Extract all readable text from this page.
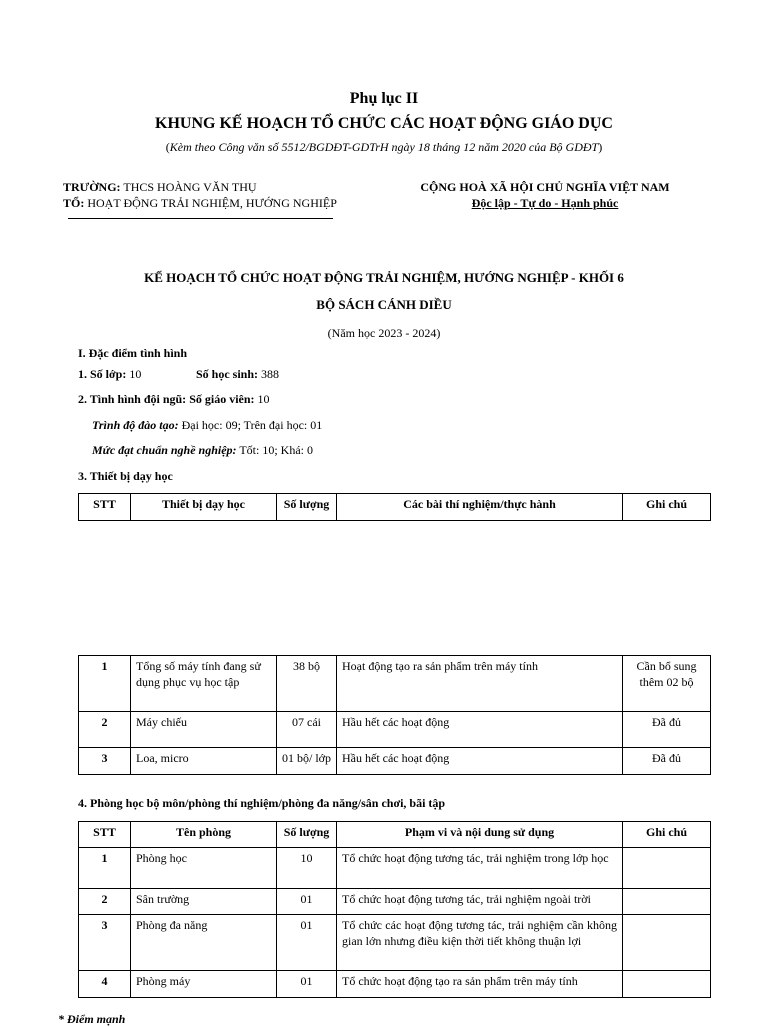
Phụ lục II
KHUNG KẾ HOẠCH TỔ CHỨC CÁC HOẠT ĐỘNG GIÁO DỤC
(Kèm theo Công văn số 5512/BGDĐT-GDTrH ngày 18 tháng 12 năm 2020 của Bộ GDĐT)
TRƯỜNG: THCS HOÀNG VĂN THỤ
TỔ: HOẠT ĐỘNG TRẢI NGHIỆM, HƯỚNG NGHIỆP
CỘNG HOÀ XÃ HỘI CHỦ NGHĨA VIỆT NAM
Độc lập - Tự do - Hạnh phúc
KẾ HOẠCH TỔ CHỨC HOẠT ĐỘNG TRẢI NGHIỆM, HƯỚNG NGHIỆP - KHỐI 6
BỘ SÁCH CÁNH DIỀU
(Năm học 2023 - 2024)
I. Đặc điểm tình hình
1. Số lớp: 10	Số học sinh: 388
2. Tình hình đội ngũ: Số giáo viên: 10
Trình độ đào tạo: Đại học: 09; Trên đại học: 01
Mức đạt chuẩn nghề nghiệp: Tốt: 10; Khá: 0
3. Thiết bị dạy học
STT	Thiết bị dạy học	Số lượng	Các bài thí nghiệm/thực hành	Ghi chú
1	Tổng số máy tính đang sử dụng phục vụ học tập	38 bộ	Hoạt động tạo ra sản phẩm trên máy tính	Cần bổ sung thêm 02 bộ
2	Máy chiếu	07 cái	Hầu hết các hoạt động	Đã đủ
3	Loa, micro	01 bộ/ lớp	Hầu hết các hoạt động	Đã đủ
4. Phòng học bộ môn/phòng thí nghiệm/phòng đa năng/sân chơi, bãi tập
STT	Tên phòng	Số lượng	Phạm vi và nội dung sử dụng	Ghi chú
1	Phòng học	10	Tổ chức hoạt động tương tác, trải nghiệm trong lớp học	
2	Sân trường	01	Tổ chức hoạt động tương tác, trải nghiệm ngoài trời	
3	Phòng đa năng	01	Tổ chức các hoạt động tương tác, trải nghiệm cần không gian lớn nhưng điều kiện thời tiết không thuận lợi	
4	Phòng máy	01	Tổ chức hoạt động tạo ra sản phẩm trên máy tính	
* Điểm mạnh
